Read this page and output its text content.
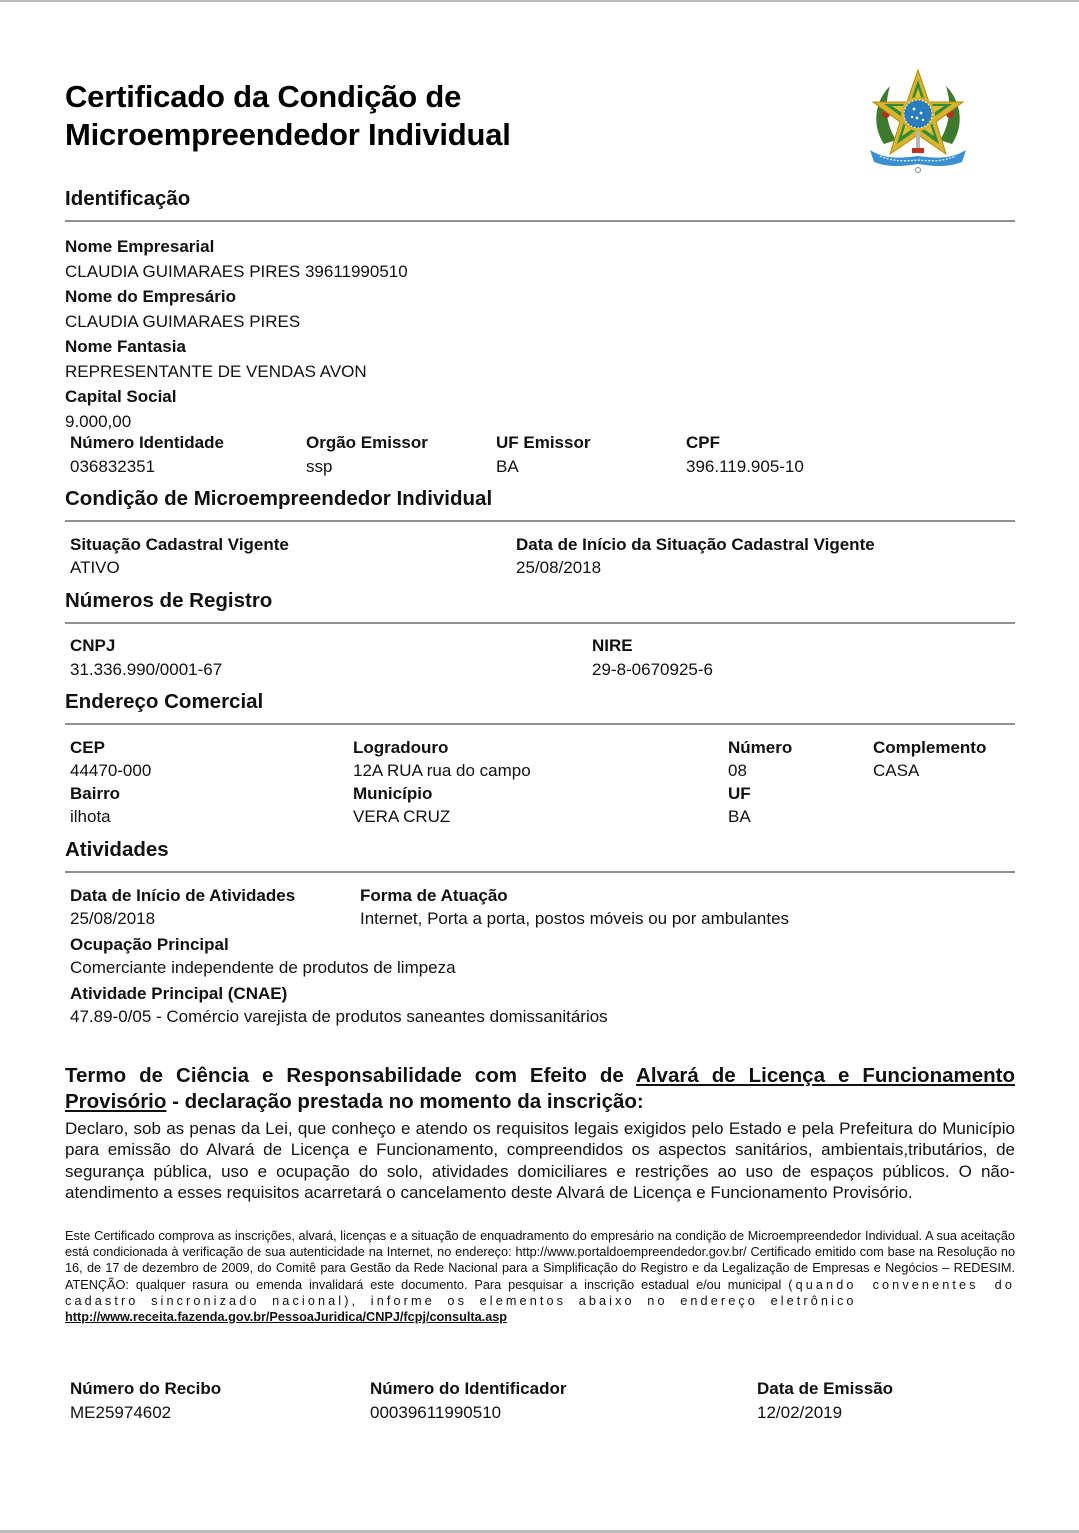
Certificado da Condição de
Microempreendedor Individual
Identificação
Nome Empresarial
CLAUDIA GUIMARAES PIRES 39611990510
Nome do Empresário
CLAUDIA GUIMARAES PIRES
Nome Fantasia
REPRESENTANTE DE VENDAS AVON
Capital Social
9.000,00
Número Identidade
036832351
Orgão Emissor
ssp
UF Emissor
BA
CPF
396.119.905-10
Condição de Microempreendedor Individual
Situação Cadastral Vigente
ATIVO
Data de Início da Situação Cadastral Vigente
25/08/2018
Números de Registro
CNPJ
31.336.990/0001-67
NIRE
29-8-0670925-6
Endereço Comercial
CEP
44470-000
Logradouro
12A RUA rua do campo
Número
08
Complemento
CASA
Bairro
ilhota
Município
VERA CRUZ
UF
BA
Atividades
Data de Início de Atividades
25/08/2018
Forma de Atuação
Internet, Porta a porta, postos móveis ou por ambulantes
Ocupação Principal
Comerciante independente de produtos de limpeza
Atividade Principal (CNAE)
47.89-0/05 - Comércio varejista de produtos saneantes domissanitários
Termo de Ciência e Responsabilidade com Efeito de Alvará de Licença e Funcionamento Provisório - declaração prestada no momento da inscrição:
Declaro, sob as penas da Lei, que conheço e atendo os requisitos legais exigidos pelo Estado e pela Prefeitura do Município para emissão do Alvará de Licença e Funcionamento, compreendidos os aspectos sanitários, ambientais,tributários, de segurança pública, uso e ocupação do solo, atividades domiciliares e restrições ao uso de espaços públicos. O não-atendimento a esses requisitos acarretará o cancelamento deste Alvará de Licença e Funcionamento Provisório.
Este Certificado comprova as inscrições, alvará, licenças e a situação de enquadramento do empresário na condição de Microempreendedor Individual. A sua aceitação está condicionada à verificação de sua autenticidade na Internet, no endereço: http://www.portaldoempreendedor.gov.br/ Certificado emitido com base na Resolução no 16, de 17 de dezembro de 2009, do Comitê para Gestão da Rede Nacional para a Simplificação do Registro e da Legalização de Empresas e Negócios – REDESIM. ATENÇÃO: qualquer rasura ou emenda invalidará este documento. Para pesquisar a inscrição estadual e/ou municipal (quando convenentes do cadastro sincronizado nacional), informe os elementos abaixo no endereço eletrônico
http://www.receita.fazenda.gov.br/PessoaJuridica/CNPJ/fcpj/consulta.asp
Número do Recibo
ME25974602
Número do Identificador
00039611990510
Data de Emissão
12/02/2019
